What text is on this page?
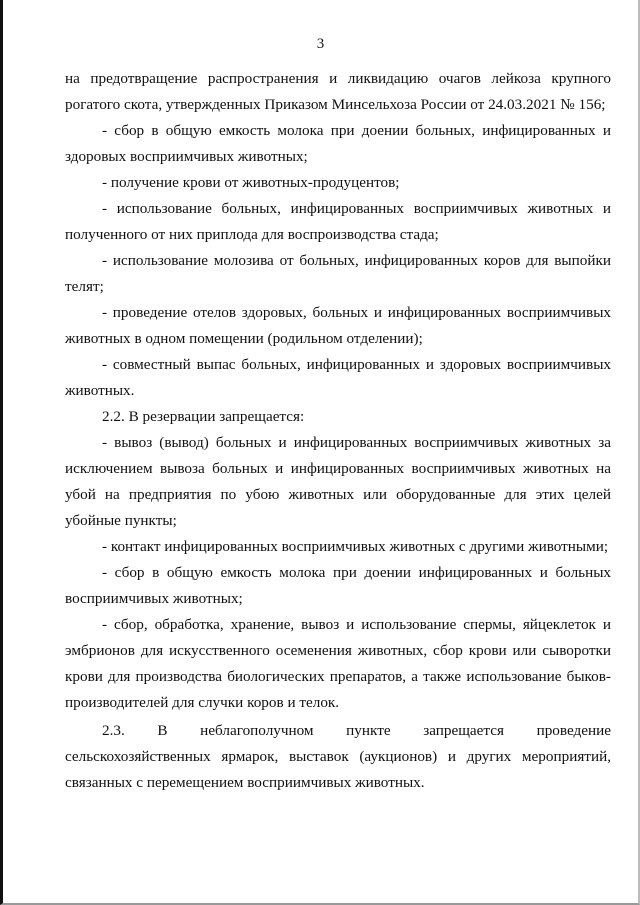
3

на предотвращение распространения и ликвидацию очагов лейкоза крупного рогатого скота, утвержденных Приказом Минсельхоза России от 24.03.2021 № 156;

- сбор в общую емкость молока при доении больных, инфицированных и здоровых восприимчивых животных;

- получение крови от животных-продуцентов;

- использование больных, инфицированных восприимчивых животных и полученного от них приплода для воспроизводства стада;

- использование молозива от больных, инфицированных коров для выпойки телят;

- проведение отелов здоровых, больных и инфицированных восприимчивых животных в одном помещении (родильном отделении);

- совместный выпас больных, инфицированных и здоровых восприимчивых животных.

2.2. В резервации запрещается:

- вывоз (вывод) больных и инфицированных восприимчивых животных за исключением вывоза больных и инфицированных восприимчивых животных на убой на предприятия по убою животных или оборудованные для этих целей убойные пункты;

- контакт инфицированных восприимчивых животных с другими животными;

- сбор в общую емкость молока при доении инфицированных и больных восприимчивых животных;

- сбор, обработка, хранение, вывоз и использование спермы, яйцеклеток и эмбрионов для искусственного осеменения животных, сбор крови или сыворотки крови для производства биологических препаратов, а также использование быков-производителей для случки коров и телок.

2.3. В неблагополучном пункте запрещается проведение сельскохозяйственных ярмарок, выставок (аукционов) и других мероприятий, связанных с перемещением восприимчивых животных.
